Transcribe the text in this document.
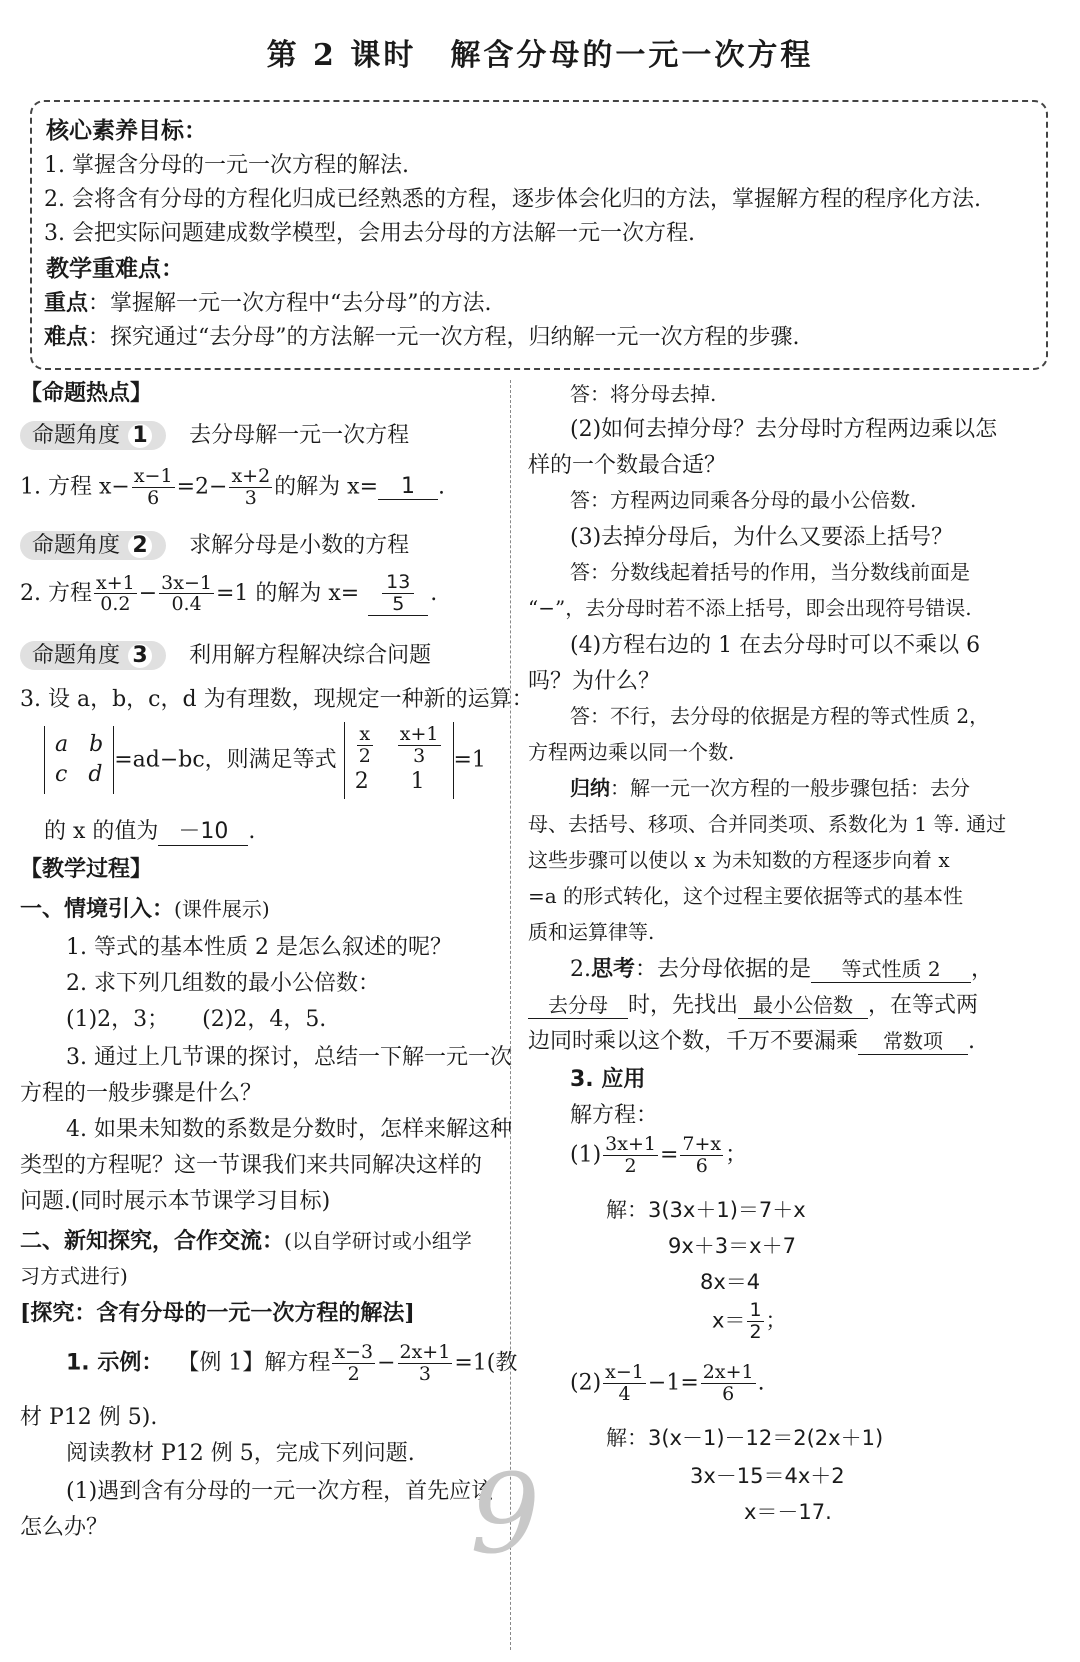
第 2 课时 解含分母的一元一次方程
核心素养目标：
1. 掌握含分母的一元一次方程的解法.
2. 会将含有分母的方程化归成已经熟悉的方程，逐步体会化归的方法，掌握解方程的程序化方法.
3. 会把实际问题建成数学模型，会用去分母的方法解一元一次方程.
教学重难点：
重点：掌握解一元一次方程中“去分母”的方法.
难点：探究通过“去分母”的方法解一元一次方程，归纳解一元一次方程的步骤.
【命题热点】
命题角度 1 去分母解一元一次方程
1. 方程 $x- \frac{x-1}{6} =2- \frac{x+2}{3}$ 的解为 x= 1 .
命题角度 2 求解分母是小数的方程
2. 方程 $\frac{x+1}{0.2} - \frac{3x-1}{0.4} =1$ 的解为 $x= \frac{13}{5}$ .
命题角度 3 利用解方程解决综合问题
3. 设 a，b，c，d 为有理数，现规定一种新的运算：
a b
c d=ad−bc，则满足等式 $\frac{x}{2}$
$\frac{x+1}{3}$

2 1=1
的 x 的值为 －10 .
【教学过程】
一、情境引入：(课件展示)
1. 等式的基本性质 2 是怎么叙述的呢？
2. 求下列几组数的最小公倍数：
(1)2，3；　　(2)2，4，5.
3. 通过上几节课的探讨，总结一下解一元一次
方程的一般步骤是什么？
4. 如果未知数的系数是分数时，怎样来解这种
类型的方程呢？这一节课我们来共同解决这样的
问题.(同时展示本节课学习目标)
二、新知探究，合作交流：(以自学研讨或小组学
习方式进行)
[探究：含有分母的一元一次方程的解法]
1. 示例： 【例 1】解方程 $\frac{x-3}{2} - \frac{2x+1}{3} =1$(教
材 P12 例 5).
阅读教材 P12 例 5，完成下列问题.
(1)遇到含有分母的一元一次方程，首先应该
怎么办？
答：将分母去掉.
(2)如何去掉分母？去分母时方程两边乘以怎
样的一个数最合适？
答：方程两边同乘各分母的最小公倍数.
(3)去掉分母后，为什么又要添上括号？
答：分数线起着括号的作用，当分数线前面是
“−”，去分母时若不添上括号，即会出现符号错误.
(4)方程右边的 1 在去分母时可以不乘以 6
吗？为什么？
答：不行，去分母的依据是方程的等式性质 2，
方程两边乘以同一个数.
归纳：解一元一次方程的一般步骤包括：去分
母、去括号、移项、合并同类项、系数化为 1 等. 通过
这些步骤可以使以 x 为未知数的方程逐步向着 x
=a 的形式转化，这个过程主要依据等式的基本性
质和运算律等.
2.思考：去分母依据的是 等式性质 2 ，
去分母 时，先找出 最小公倍数 ，在等式两
边同时乘以这个数，千万不要漏乘 常数项 .
3. 应用
解方程：
$(1) \frac{3x+1}{2} = \frac{7+x}{6}$ ；
解：3(3x＋1)＝7＋x
9x＋3＝x＋7
8x＝4
$x= \frac{1}{2}$ ；
$(2) \frac{x-1}{4} -1= \frac{2x+1}{6}$ .
解：3(x－1)－12＝2(2x＋1)
3x－15＝4x＋2
x＝－17.
9
